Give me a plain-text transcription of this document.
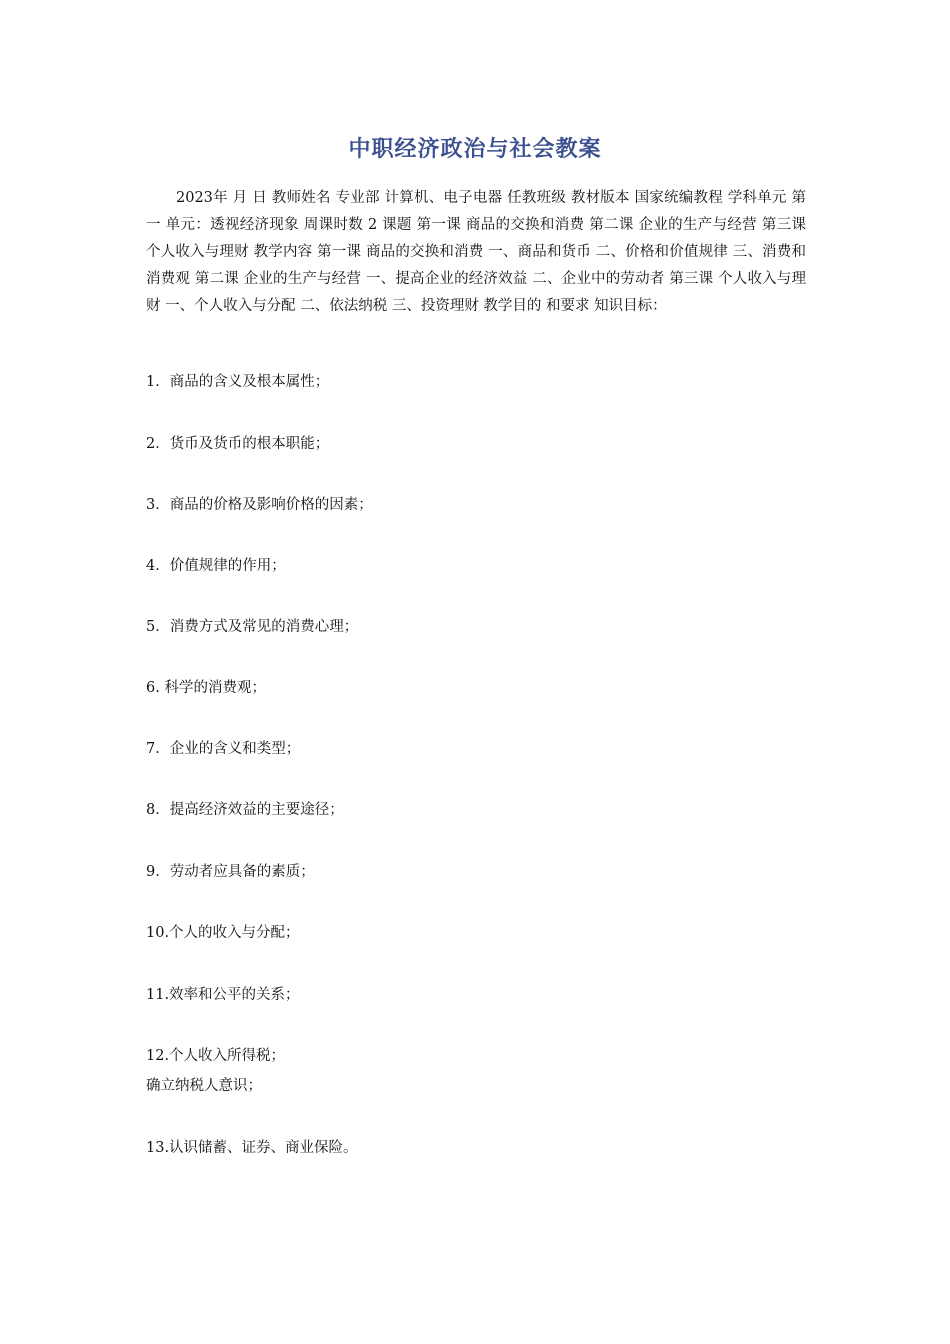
中职经济政治与社会教案
2023年 月 日 教师姓名 专业部 计算机、电子电器 任教班级 教材版本 国家统编教程 学科单元 第 一 单元：透视经济现象 周课时数 2 课题 第一课 商品的交换和消费 第二课 企业的生产与经营 第三课 个人收入与理财 教学内容 第一课 商品的交换和消费 一、商品和货币 二、价格和价值规律 三、消费和消费观 第二课 企业的生产与经营 一、提高企业的经济效益 二、企业中的劳动者 第三课 个人收入与理财 一、个人收入与分配 二、依法纳税 三、投资理财 教学目的 和要求 知识目标：
1．商品的含义及根本属性；
2．货币及货币的根本职能；
3．商品的价格及影响价格的因素；
4．价值规律的作用；
5．消费方式及常见的消费心理；
6. 科学的消费观；
7．企业的含义和类型；
8．提高经济效益的主要途径；
9．劳动者应具备的素质；
10.个人的收入与分配；
11.效率和公平的关系；
12.个人收入所得税；
确立纳税人意识；
13.认识储蓄、证券、商业保险。
